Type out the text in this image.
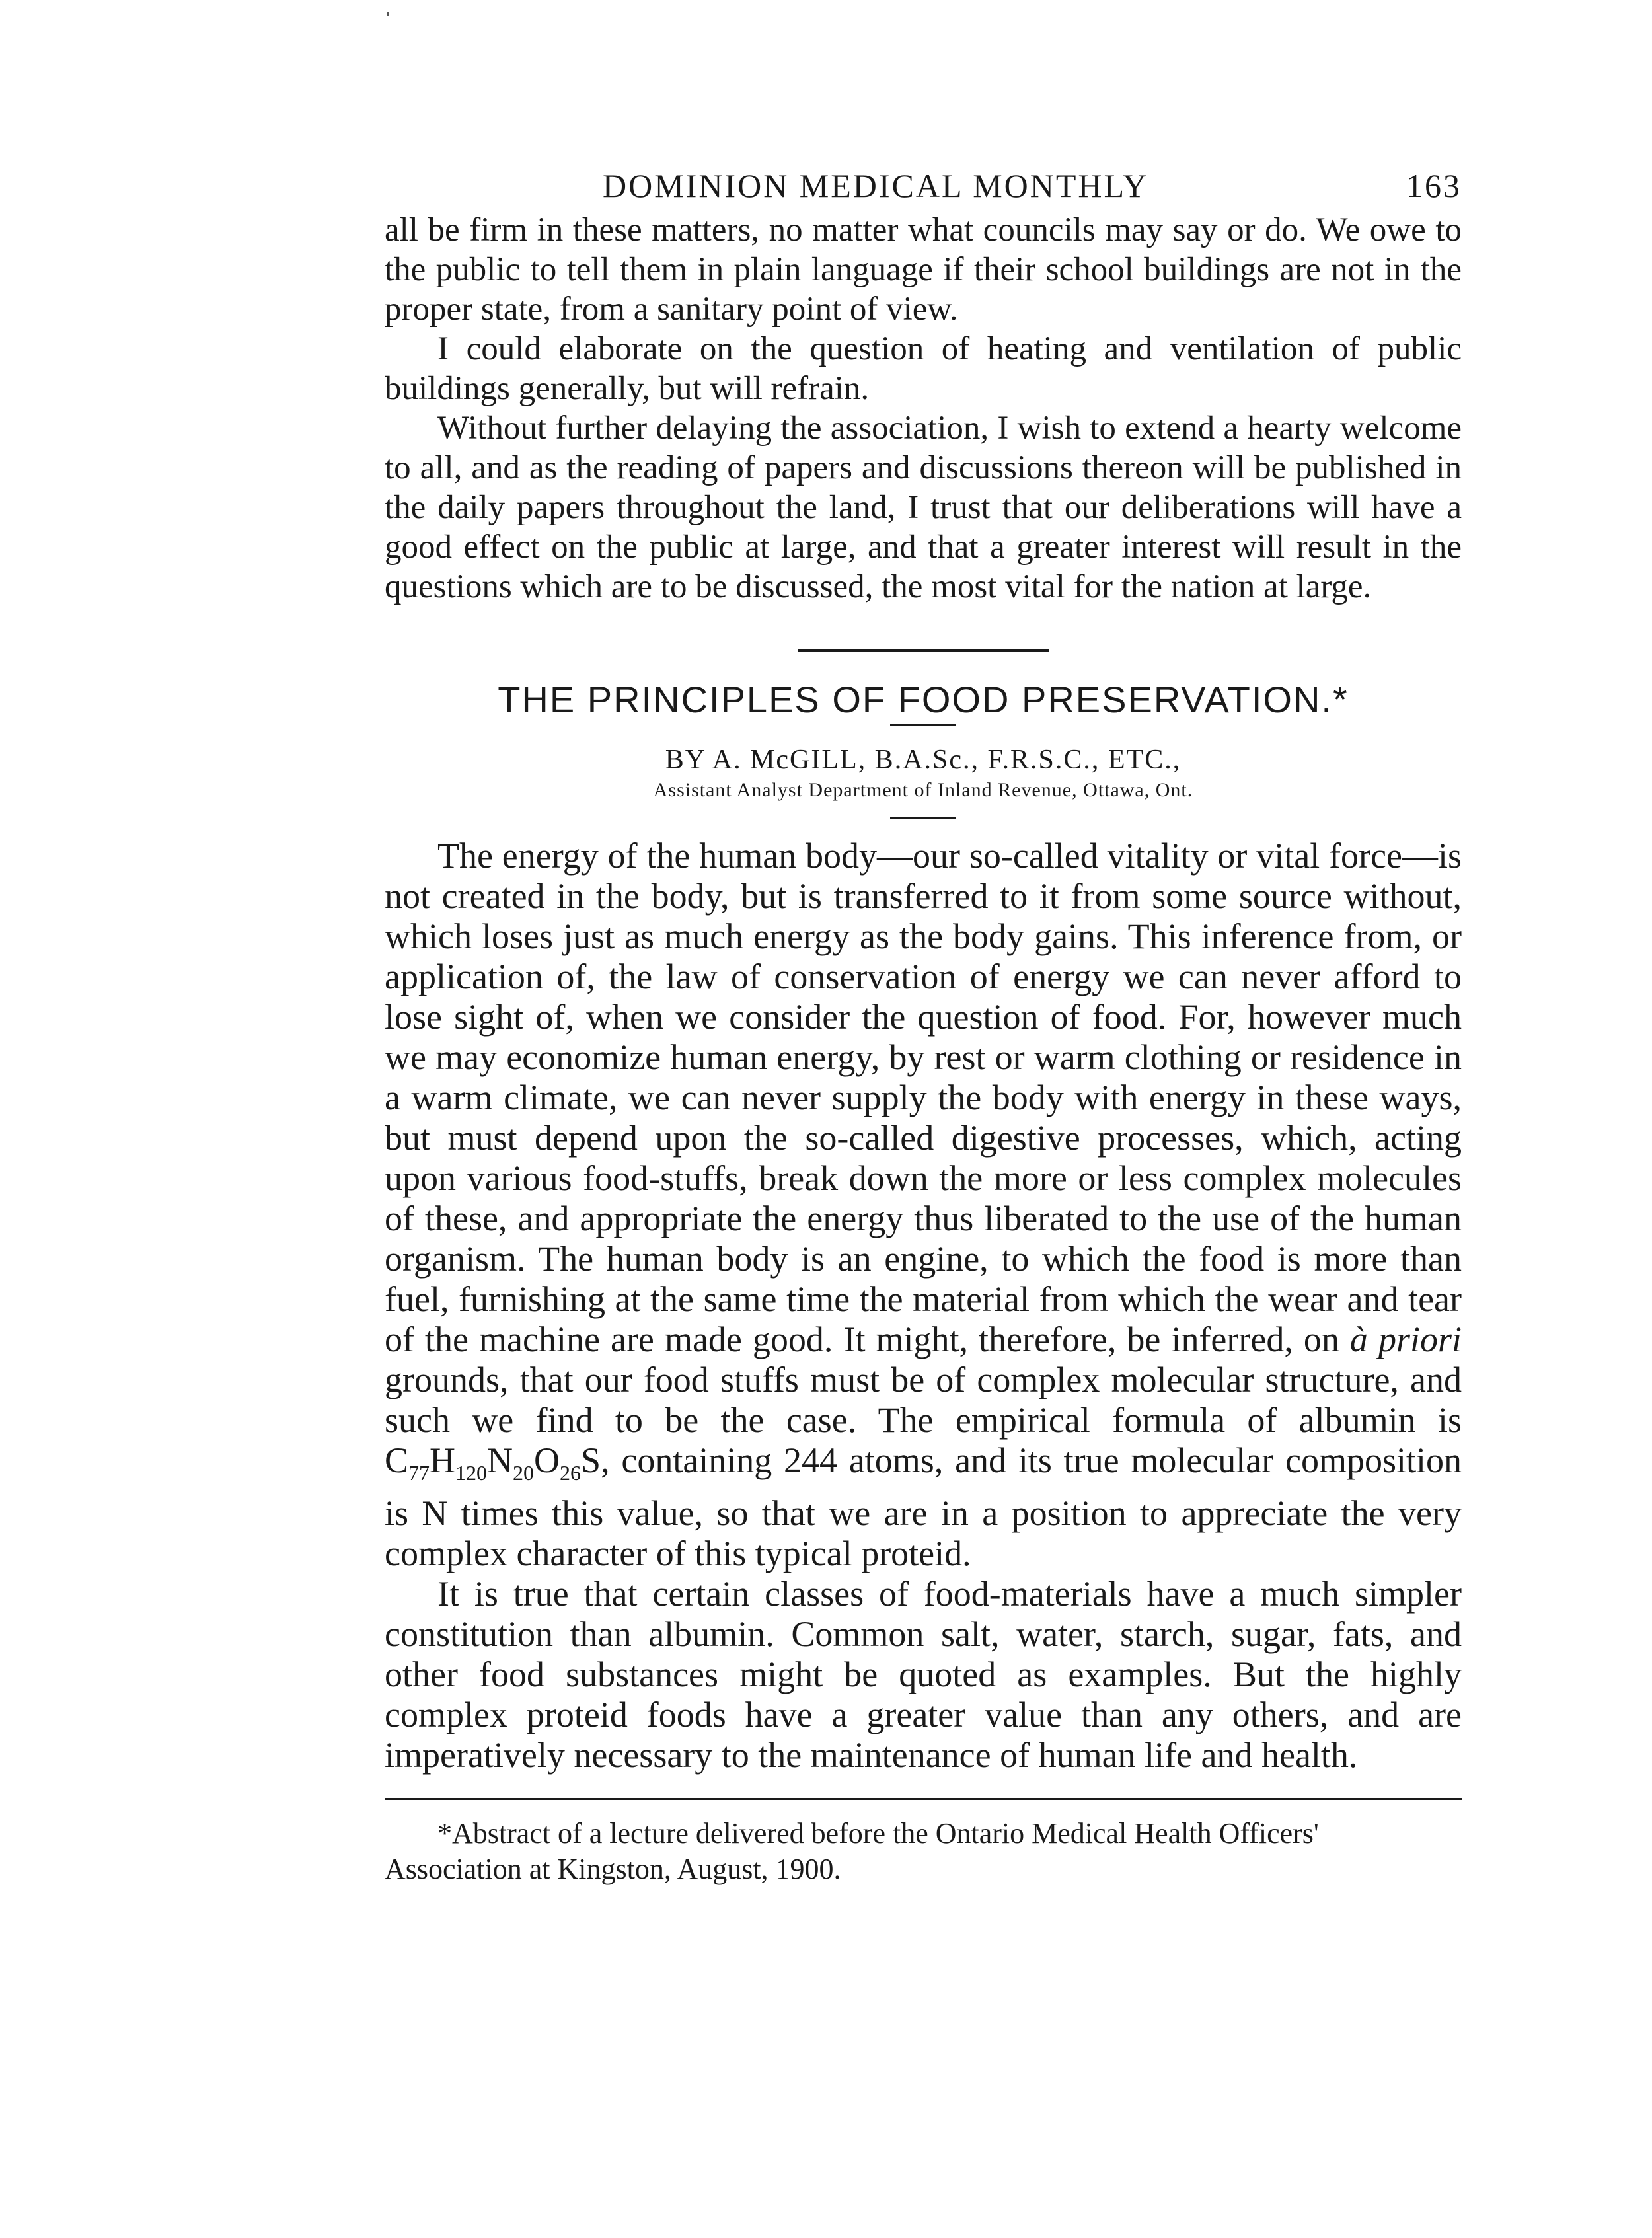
DOMINION MEDICAL MONTHLY	163

all be firm in these matters, no matter what councils may say or do. We owe to the public to tell them in plain language if their school buildings are not in the proper state, from a sanitary point of view.

I could elaborate on the question of heating and ventilation of public buildings generally, but will refrain.

Without further delaying the association, I wish to extend a hearty welcome to all, and as the reading of papers and discussions thereon will be published in the daily papers throughout the land, I trust that our deliberations will have a good effect on the public at large, and that a greater interest will result in the questions which are to be discussed, the most vital for the nation at large.

THE PRINCIPLES OF FOOD PRESERVATION.*

BY A. McGILL, B.A.Sc., F.R.S.C., ETC.,

Assistant Analyst Department of Inland Revenue, Ottawa, Ont.

The energy of the human body—our so-called vitality or vital force—is not created in the body, but is transferred to it from some source without, which loses just as much energy as the body gains. This inference from, or application of, the law of conservation of energy we can never afford to lose sight of, when we consider the question of food. For, however much we may economize human energy, by rest or warm clothing or residence in a warm climate, we can never supply the body with energy in these ways, but must depend upon the so-called digestive processes, which, acting upon various food-stuffs, break down the more or less complex molecules of these, and appropriate the energy thus liberated to the use of the human organism. The human body is an engine, to which the food is more than fuel, furnishing at the same time the material from which the wear and tear of the machine are made good. It might, therefore, be inferred, on à priori grounds, that our food stuffs must be of complex molecular structure, and such we find to be the case. The empirical formula of albumin is $C_{77}H_{120}N_{20}O_{26}S$, containing 244 atoms, and its true molecular composition is N times this value, so that we are in a position to appreciate the very complex character of this typical proteid.

It is true that certain classes of food-materials have a much simpler constitution than albumin. Common salt, water, starch, sugar, fats, and other food substances might be quoted as examples. But the highly complex proteid foods have a greater value than any others, and are imperatively necessary to the maintenance of human life and health.

*Abstract of a lecture delivered before the Ontario Medical Health Officers' Association at Kingston, August, 1900.
